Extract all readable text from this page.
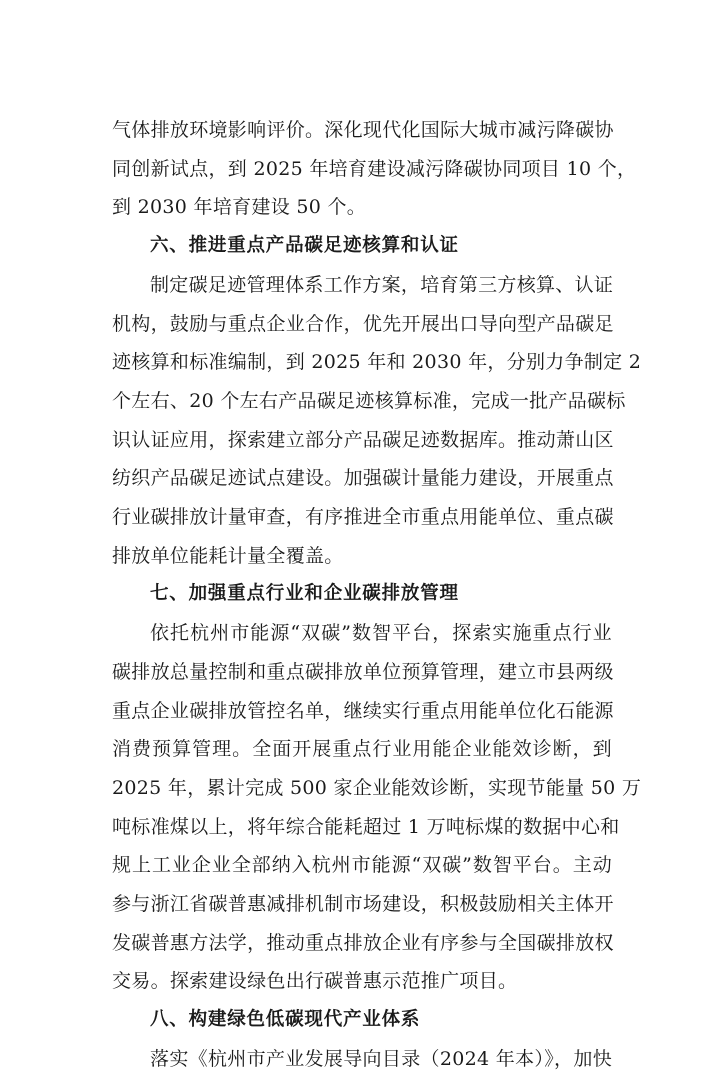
气体排放环境影响评价。深化现代化国际大城市减污降碳协
同创新试点，到 2025 年培育建设减污降碳协同项目 10 个，
到 2030 年培育建设 50 个。
六、推进重点产品碳足迹核算和认证
制定碳足迹管理体系工作方案，培育第三方核算、认证
机构，鼓励与重点企业合作，优先开展出口导向型产品碳足
迹核算和标准编制，到 2025 年和 2030 年，分别力争制定 2
个左右、20 个左右产品碳足迹核算标准，完成一批产品碳标
识认证应用，探索建立部分产品碳足迹数据库。推动萧山区
纺织产品碳足迹试点建设。加强碳计量能力建设，开展重点
行业碳排放计量审查，有序推进全市重点用能单位、重点碳
排放单位能耗计量全覆盖。
七、加强重点行业和企业碳排放管理
依托杭州市能源“双碳”数智平台，探索实施重点行业
碳排放总量控制和重点碳排放单位预算管理，建立市县两级
重点企业碳排放管控名单，继续实行重点用能单位化石能源
消费预算管理。全面开展重点行业用能企业能效诊断，到
2025 年，累计完成 500 家企业能效诊断，实现节能量 50 万
吨标准煤以上，将年综合能耗超过 1 万吨标煤的数据中心和
规上工业企业全部纳入杭州市能源“双碳”数智平台。主动
参与浙江省碳普惠减排机制市场建设，积极鼓励相关主体开
发碳普惠方法学，推动重点排放企业有序参与全国碳排放权
交易。探索建设绿色出行碳普惠示范推广项目。
八、构建绿色低碳现代产业体系
落实《杭州市产业发展导向目录（2024 年本）》，加快
